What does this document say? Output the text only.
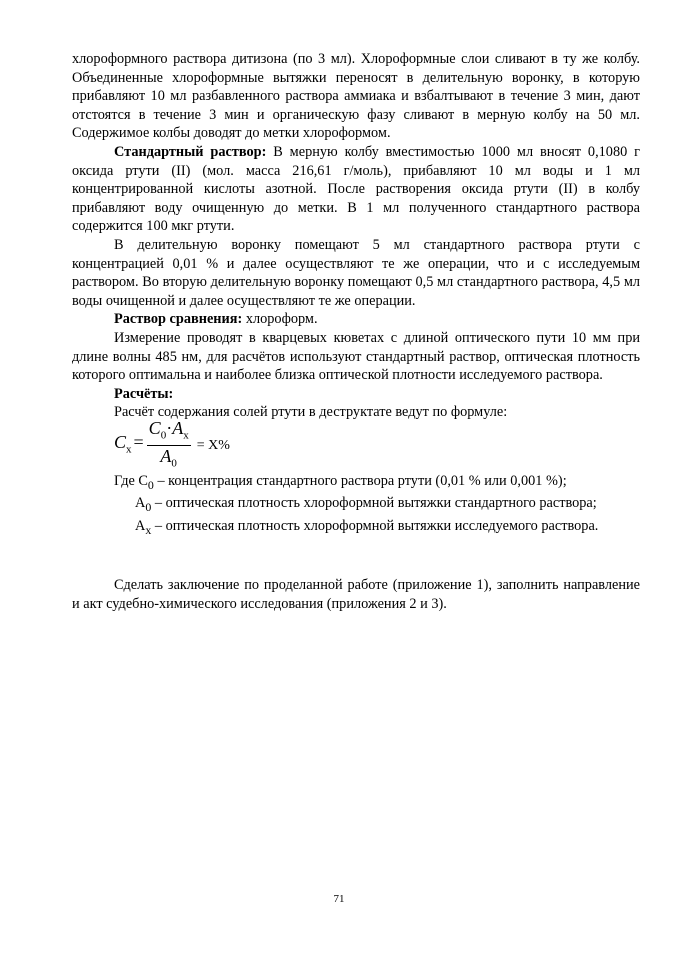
хлороформного раствора дитизона (по 3 мл). Хлороформные слои сливают в ту же колбу. Объединенные хлороформные вытяжки переносят в делительную воронку, в которую прибавляют 10 мл разбавленного раствора аммиака и взбалтывают в течение 3 мин, дают отстоятся в течение 3 мин и органическую фазу сливают в мерную колбу на 50 мл. Содержимое колбы доводят до метки хлороформом.

Стандартный раствор: В мерную колбу вместимостью 1000 мл вносят 0,1080 г оксида ртути (II) (мол. масса 216,61 г/моль), прибавляют 10 мл воды и 1 мл концентрированной кислоты азотной. После растворения оксида ртути (II) в колбу прибавляют воду очищенную до метки. В 1 мл полученного стандартного раствора содержится 100 мкг ртути.

В делительную воронку помещают 5 мл стандартного раствора ртути с концентрацией 0,01 % и далее осуществляют те же операции, что и с исследуемым раствором. Во вторую делительную воронку помещают 0,5 мл стандартного раствора, 4,5 мл воды очищенной и далее осуществляют те же операции.

Раствор сравнения: хлороформ.

Измерение проводят в кварцевых кюветах с длиной оптического пути 10 мм при длине волны 485 нм, для расчётов используют стандартный раствор, оптическая плотность которого оптимальна и наиболее близка оптической плотности исследуемого раствора.

Расчёты:

Расчёт содержания солей ртути в деструктате ведут по формуле:

$C_x = \frac{C_0\cdot A_x}{A_0} = Х\%$

Где $С_0$ – концентрация стандартного раствора ртути (0,01 % или 0,001 %);

$А_0$ – оптическая плотность хлороформной вытяжки стандартного раствора;

$А_x$ – оптическая плотность хлороформной вытяжки исследуемого раствора.

Сделать заключение по проделанной работе (приложение 1), заполнить направление и акт судебно-химического исследования (приложения 2 и 3).

71
